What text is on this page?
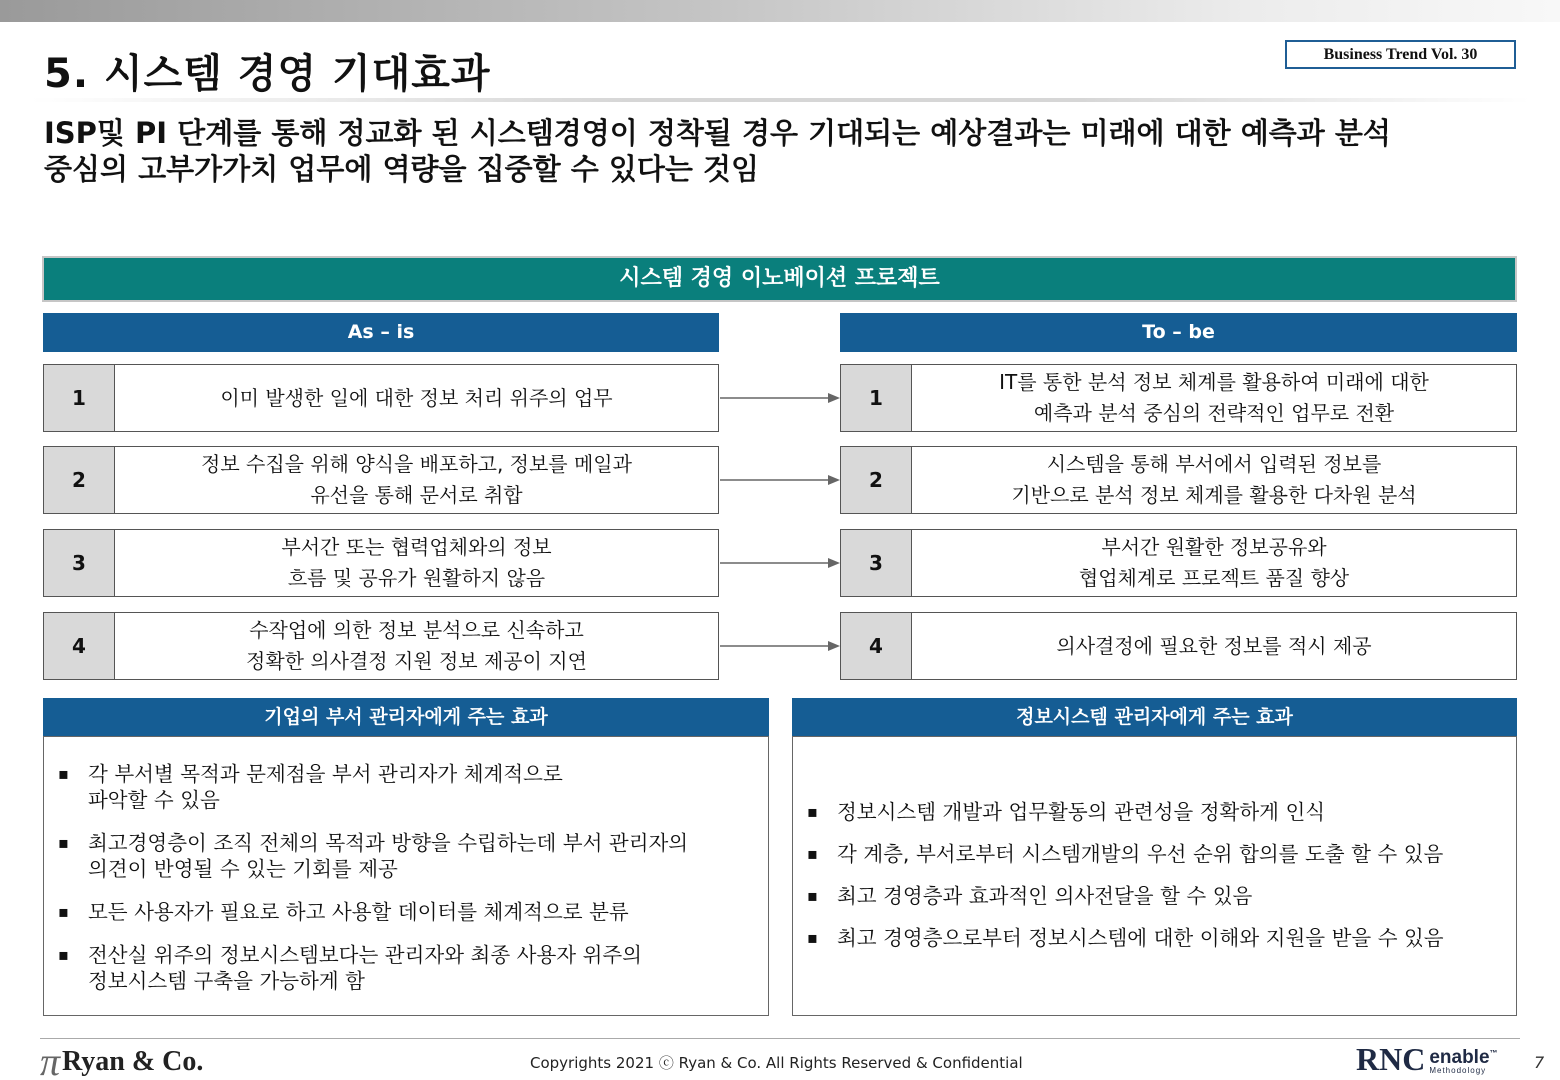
5. 시스템 경영 기대효과	Business Trend Vol. 30
ISP및 PI 단계를 통해 정교화 된 시스템경영이 정착될 경우 기대되는 예상결과는 미래에 대한 예측과 분석
중심의 고부가가치 업무에 역량을 집중할 수 있다는 것임
시스템 경영 이노베이션 프로젝트
As – is	To – be
1	이미 발생한 일에 대한 정보 처리 위주의 업무
2
정보 수집을 위해 양식을 배포하고, 정보를 메일과
유선을 통해 문서로 취합
3
부서간 또는 협력업체와의 정보
흐름 및 공유가 원활하지 않음
4
수작업에 의한 정보 분석으로 신속하고
정확한 의사결정 지원 정보 제공이 지연
1
IT를 통한 분석 정보 체계를 활용하여 미래에 대한
예측과 분석 중심의 전략적인 업무로 전환
2
시스템을 통해 부서에서 입력된 정보를
기반으로 분석 정보 체계를 활용한 다차원 분석
3
부서간 원활한 정보공유와
협업체계로 프로젝트 품질 향상
4	의사결정에 필요한 정보를 적시 제공
기업의 부서 관리자에게 주는 효과
▪ 각 부서별 목적과 문제점을 부서 관리자가 체계적으로
파악할 수 있음
▪ 최고경영층이 조직 전체의 목적과 방향을 수립하는데 부서 관리자의
의견이 반영될 수 있는 기회를 제공
▪ 모든 사용자가 필요로 하고 사용할 데이터를 체계적으로 분류
▪ 전산실 위주의 정보시스템보다는 관리자와 최종 사용자 위주의
정보시스템 구축을 가능하게 함
정보시스템 관리자에게 주는 효과
▪ 정보시스템 개발과 업무활동의 관련성을 정확하게 인식
▪ 각 계층, 부서로부터 시스템개발의 우선 순위 합의를 도출 할 수 있음
▪ 최고 경영층과 효과적인 의사전달을 할 수 있음
▪ 최고 경영층으로부터 정보시스템에 대한 이해와 지원을 받을 수 있음
π Ryan & Co.	Copyrights 2021 ⓒ Ryan & Co. All Rights Reserved & Confidential	RNC enable™
Methodology	7
